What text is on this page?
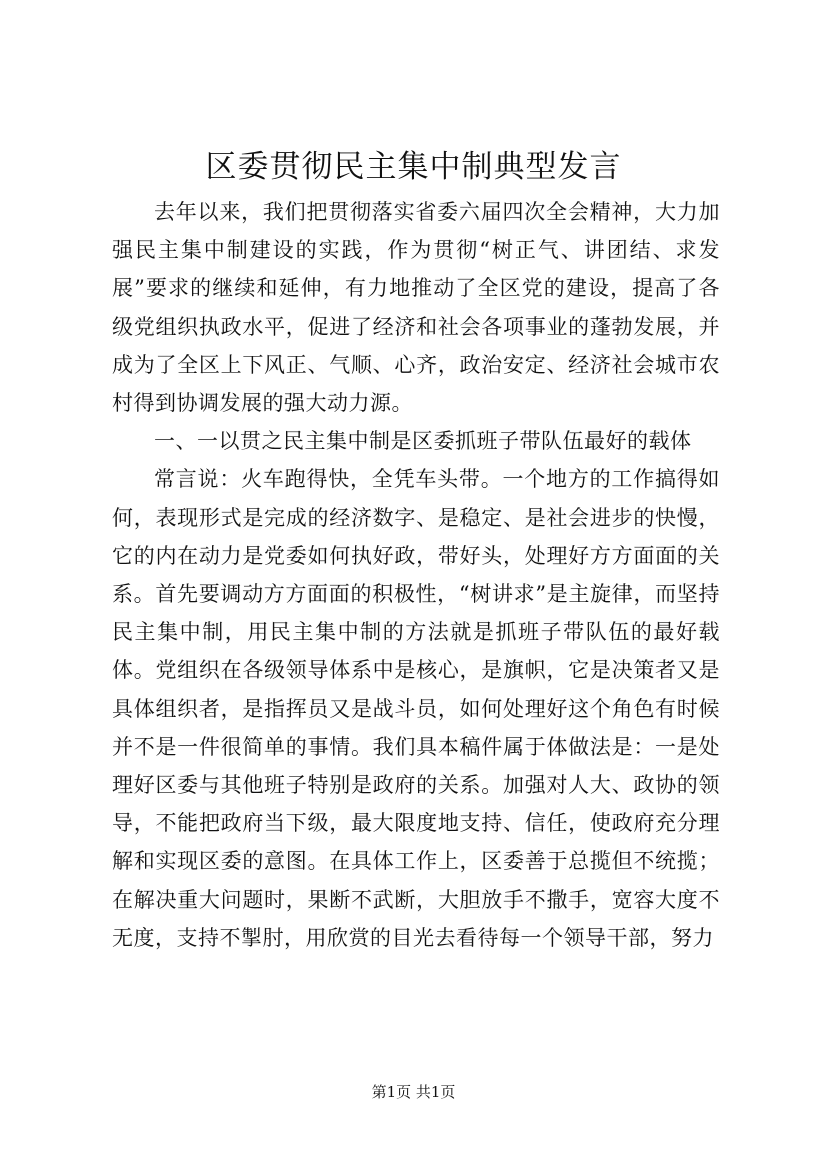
区委贯彻民主集中制典型发言

去年以来，我们把贯彻落实省委六届四次全会精神，大力加强民主集中制建设的实践，作为贯彻“树正气、讲团结、求发展”要求的继续和延伸，有力地推动了全区党的建设，提高了各级党组织执政水平，促进了经济和社会各项事业的蓬勃发展，并成为了全区上下风正、气顺、心齐，政治安定、经济社会城市农村得到协调发展的强大动力源。

一、一以贯之民主集中制是区委抓班子带队伍最好的载体

常言说：火车跑得快，全凭车头带。一个地方的工作搞得如何，表现形式是完成的经济数字、是稳定、是社会进步的快慢，它的内在动力是党委如何执好政，带好头，处理好方方面面的关系。首先要调动方方面面的积极性，“树讲求”是主旋律，而坚持民主集中制，用民主集中制的方法就是抓班子带队伍的最好载体。党组织在各级领导体系中是核心，是旗帜，它是决策者又是具体组织者，是指挥员又是战斗员，如何处理好这个角色有时候并不是一件很简单的事情。我们具本稿件属于体做法是：一是处理好区委与其他班子特别是政府的关系。加强对人大、政协的领导，不能把政府当下级，最大限度地支持、信任，使政府充分理解和实现区委的意图。在具体工作上，区委善于总揽但不统揽；在解决重大问题时，果断不武断，大胆放手不撒手，宽容大度不无度，支持不掣肘，用欣赏的目光去看待每一个领导干部，努力

第1页 共1页
